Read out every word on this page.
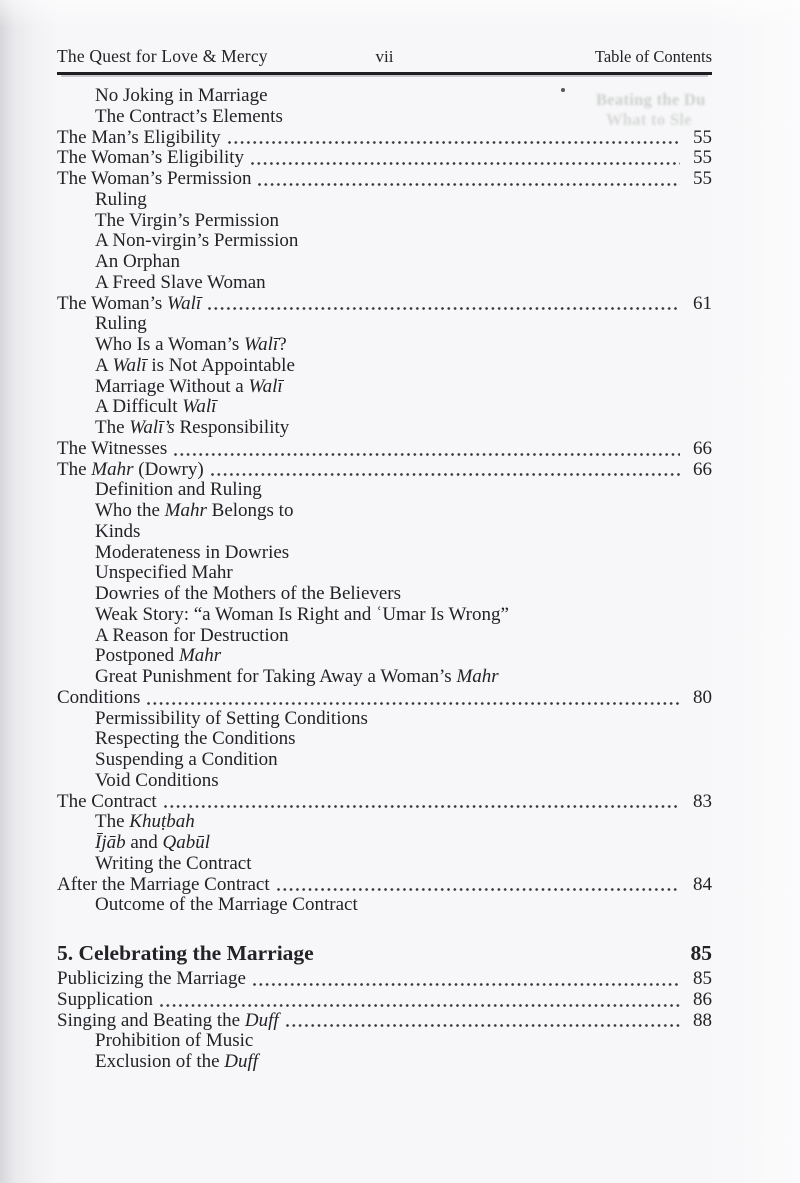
The Quest for Love & Mercy	vii	Table of Contents
No Joking in Marriage
The Contract’s Elements
The Man’s Eligibility	55
The Woman’s Eligibility	55
The Woman’s Permission	55
Ruling
The Virgin’s Permission
A Non-virgin’s Permission
An Orphan
A Freed Slave Woman
The Woman’s Walī	61
Ruling
Who Is a Woman’s Walī?
A Walī is Not Appointable
Marriage Without a Walī
A Difficult Walī
The Walī’s Responsibility
The Witnesses	66
The Mahr (Dowry)	66
Definition and Ruling
Who the Mahr Belongs to
Kinds
Moderateness in Dowries
Unspecified Mahr
Dowries of the Mothers of the Believers
Weak Story: “a Woman Is Right and ʿUmar Is Wrong”
A Reason for Destruction
Postponed Mahr
Great Punishment for Taking Away a Woman’s Mahr
Conditions	80
Permissibility of Setting Conditions
Respecting the Conditions
Suspending a Condition
Void Conditions
The Contract	83
The Khuṭbah
Ījāb and Qabūl
Writing the Contract
After the Marriage Contract	84
Outcome of the Marriage Contract
5. Celebrating the Marriage	85
Publicizing the Marriage	85
Supplication	86
Singing and Beating the Duff	88
Prohibition of Music
Exclusion of the Duff
Beating the Du
What to Sle
